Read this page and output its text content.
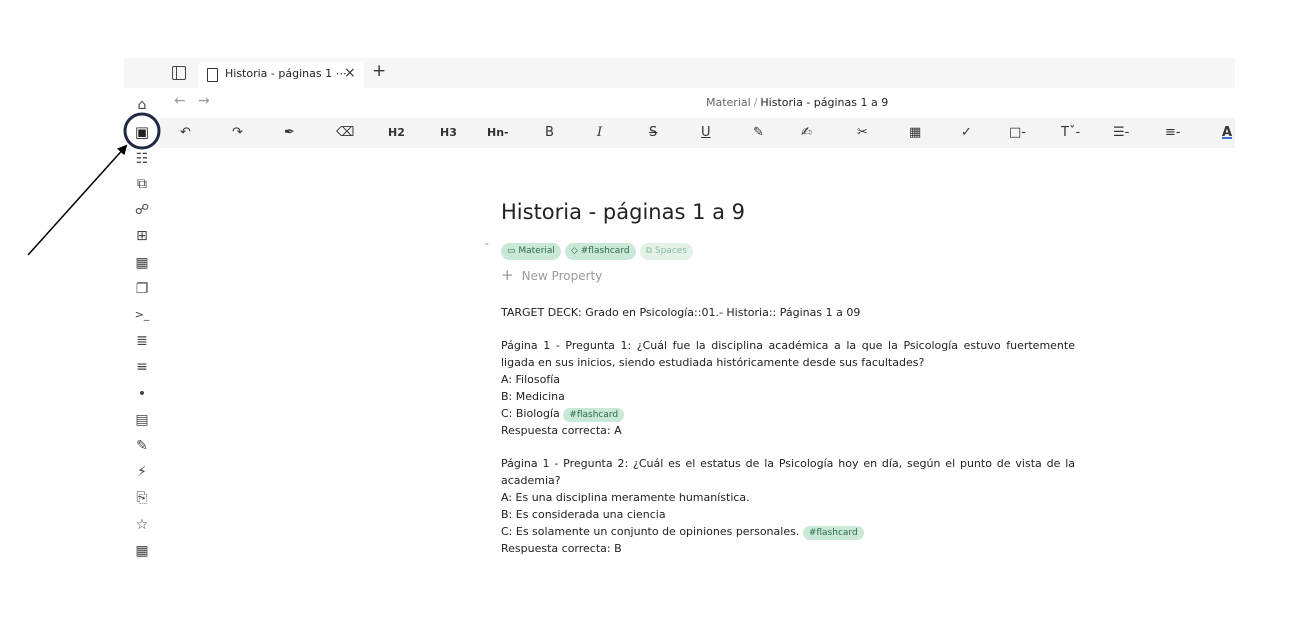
Historia - páginas 1 ⋯
× +
⌂
▣
☷
⧉
☍
⊞
▦
❐
>_
≣
≡
•
▤
✎
⚡
⎘
☆
▦
← →	Material / Historia - páginas 1 a 9
↶	↷	✒	⌫	H2	H3	Hn-	B	I	S	U	✎	✍	✂	▦	✓	□-	Tˇ-	☰-	≡-	A
Historia - páginas 1 a 9
⌄
▭ Material ◇ #flashcard ⧉ Spaces
+ New Property

TARGET DECK: Grado en Psicología::01.- Historia:: Páginas 1 a 09

Página 1 - Pregunta 1: ¿Cuál fue la disciplina académica a la que la Psicología estuvo fuertemente ligada en sus inicios, siendo estudiada históricamente desde sus facultades?

A: Filosofía

B: Medicina

C: Biología #flashcard

Respuesta correcta: A

Página 1 - Pregunta 2: ¿Cuál es el estatus de la Psicología hoy en día, según el punto de vista de la academia?

A: Es una disciplina meramente humanística.

B: Es considerada una ciencia

C: Es solamente un conjunto de opiniones personales. #flashcard

Respuesta correcta: B
